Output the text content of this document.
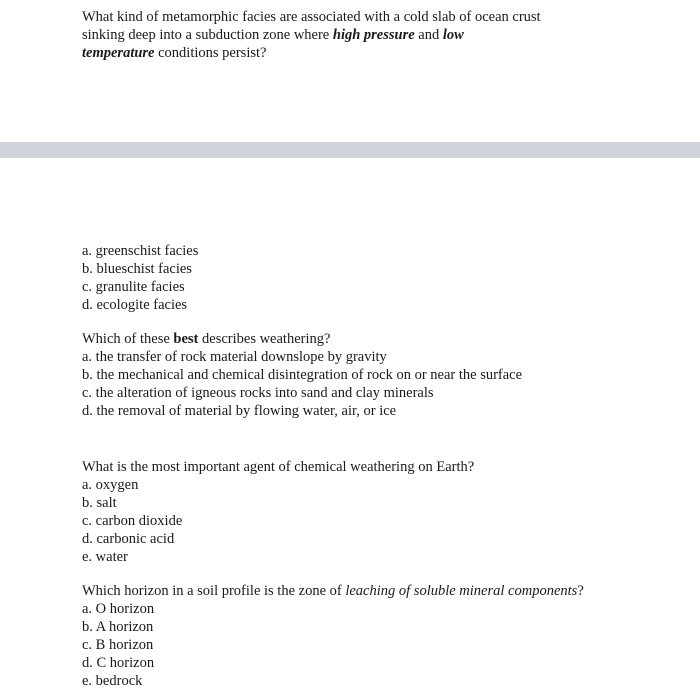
What kind of metamorphic facies are associated with a cold slab of ocean crust
sinking deep into a subduction zone where high pressure and low
temperature conditions persist?
a. greenschist facies
b. blueschist facies
c. granulite facies
d. ecologite facies
Which of these best describes weathering?
a. the transfer of rock material downslope by gravity
b. the mechanical and chemical disintegration of rock on or near the surface
c. the alteration of igneous rocks into sand and clay minerals
d. the removal of material by flowing water, air, or ice
What is the most important agent of chemical weathering on Earth?
a. oxygen
b. salt
c. carbon dioxide
d. carbonic acid
e. water
Which horizon in a soil profile is the zone of leaching of soluble mineral components?
a. O horizon
b. A horizon
c. B horizon
d. C horizon
e. bedrock
